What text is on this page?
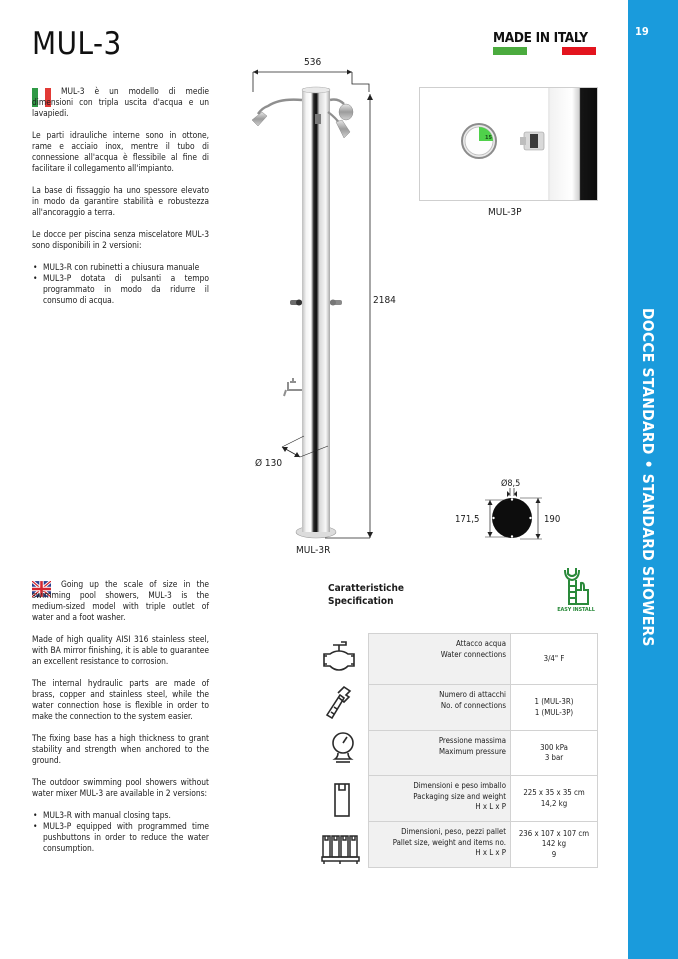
19
DOCCE STANDARD • STANDARD SHOWERS
MUL-3	MADE IN ITALY

MUL-3 è un modello di medie dimensioni con tripla uscita d'acqua e un lavapiedi.

Le parti idrauliche interne sono in ottone, rame e acciaio inox, mentre il tubo di connessione all'acqua è flessibile al fine di facilitare il collegamento all'impianto.

La base di fissaggio ha uno spessore elevato in modo da garantire stabilità e robustezza all'ancoraggio a terra.

Le docce per piscina senza miscelatore MUL-3 sono disponibili in 2 versioni:

• MUL3-R con rubinetti a chiusura manuale
• MUL3-P dotata di pulsanti a tempo programmato in modo da ridurre il consumo di acqua.

Going up the scale of size in the swimming pool showers, MUL-3 is the medium-sized model with triple outlet of water and a foot washer.

Made of high quality AISI 316 stainless steel, with BA mirror finishing, it is able to guarantee an excellent resistance to corrosion.

The internal hydraulic parts are made of brass, copper and stainless steel, while the water connection hose is flexible in order to make the connection to the system easier.

The fixing base has a high thickness to grant stability and strength when anchored to the ground.

The outdoor swimming pool showers without water mixer MUL-3 are available in 2 versions:

• MUL3-R with manual closing taps.
• MUL3-P equipped with programmed time pushbuttons in order to reduce the water consumption.
536
2184
Ø 130
MUL-3R
15
MUL-3P
Ø8,5
171,5	190
Caratteristiche
Specification
EASY INSTALL
Attacco acqua
Water connections	3/4" F

Numero di attacchi
No. of connections	1 (MUL-3R)
1 (MUL-3P)

Pressione massima
Maximum pressure	300 kPa
3 bar

Dimensioni e peso imballo
Packaging size and weight
H x L x P

225 x 35 x 35 cm
14,2 kg

Dimensioni, peso, pezzi pallet
Pallet size, weight and items no.
H x L x P

236 x 107 x 107 cm
142 kg
9
